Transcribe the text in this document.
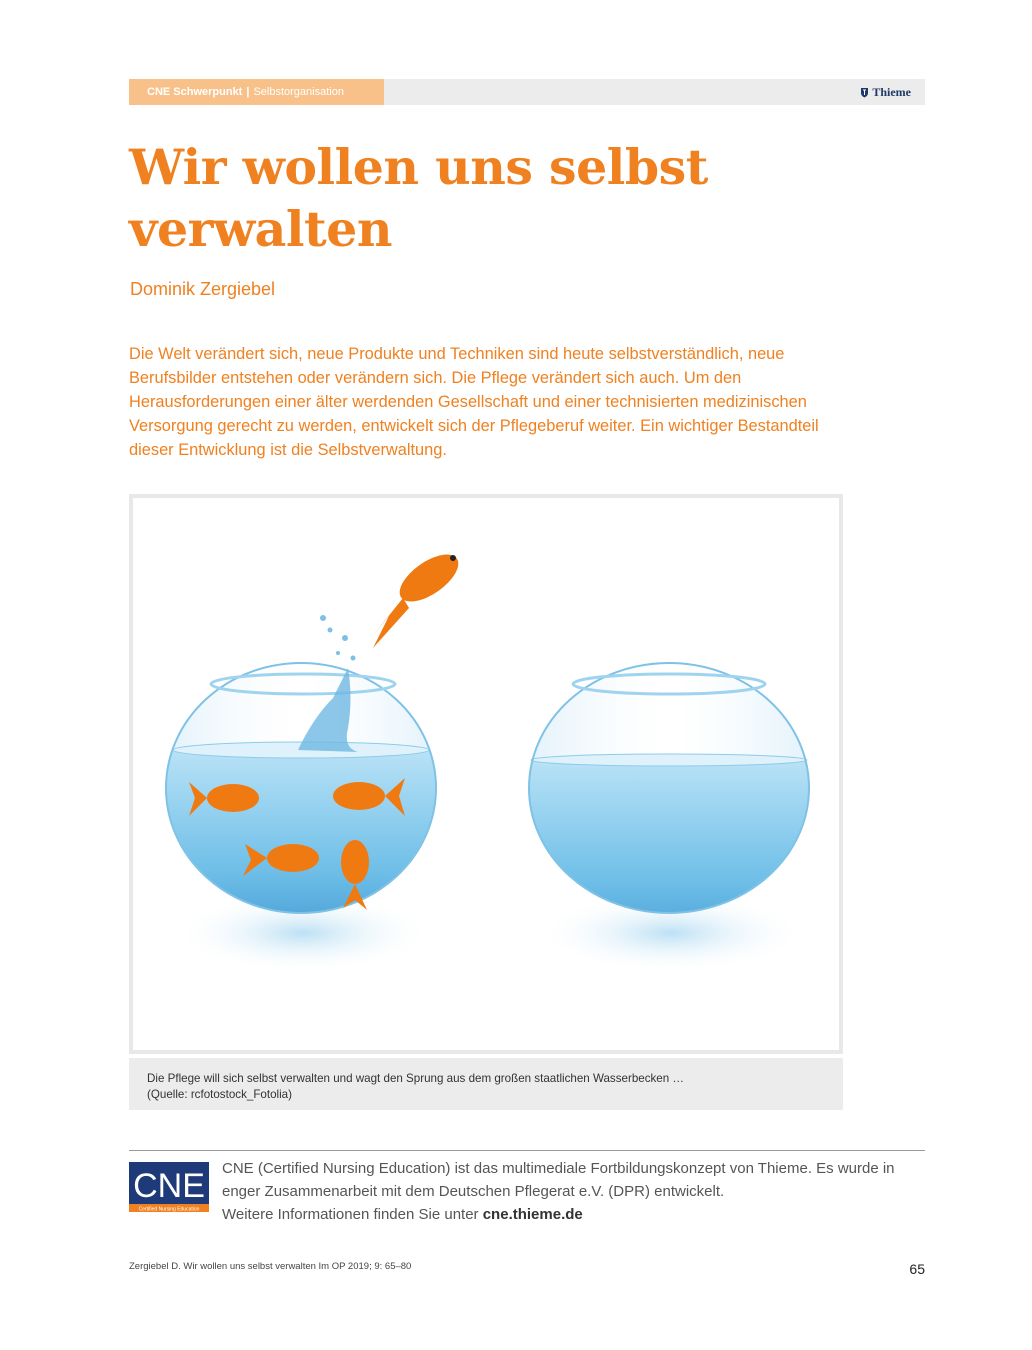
CNE Schwerpunkt | Selbstorganisation	Thieme
Wir wollen uns selbst verwalten
Dominik Zergiebel

Die Welt verändert sich, neue Produkte und Techniken sind heute selbstverständlich, neue Berufsbilder entstehen oder verändern sich. Die Pflege verändert sich auch. Um den Herausforderungen einer älter werdenden Gesellschaft und einer technisierten medizinischen Versorgung gerecht zu werden, entwickelt sich der Pflegeberuf weiter. Ein wichtiger Bestandteil dieser Entwicklung ist die Selbstverwaltung.

Die Pflege will sich selbst verwalten und wagt den Sprung aus dem großen staatlichen Wasserbecken …
(Quelle: rcfotostock_Fotolia)
CNE
Certified Nursing Education
CNE (Certified Nursing Education) ist das multimediale Fortbildungskonzept von Thieme. Es wurde in
enger Zusammenarbeit mit dem Deutschen Pflegerat e.V. (DPR) entwickelt.
Weitere Informationen finden Sie unter cne.thieme.de
Zergiebel D. Wir wollen uns selbst verwalten Im OP 2019; 9: 65–80	65
